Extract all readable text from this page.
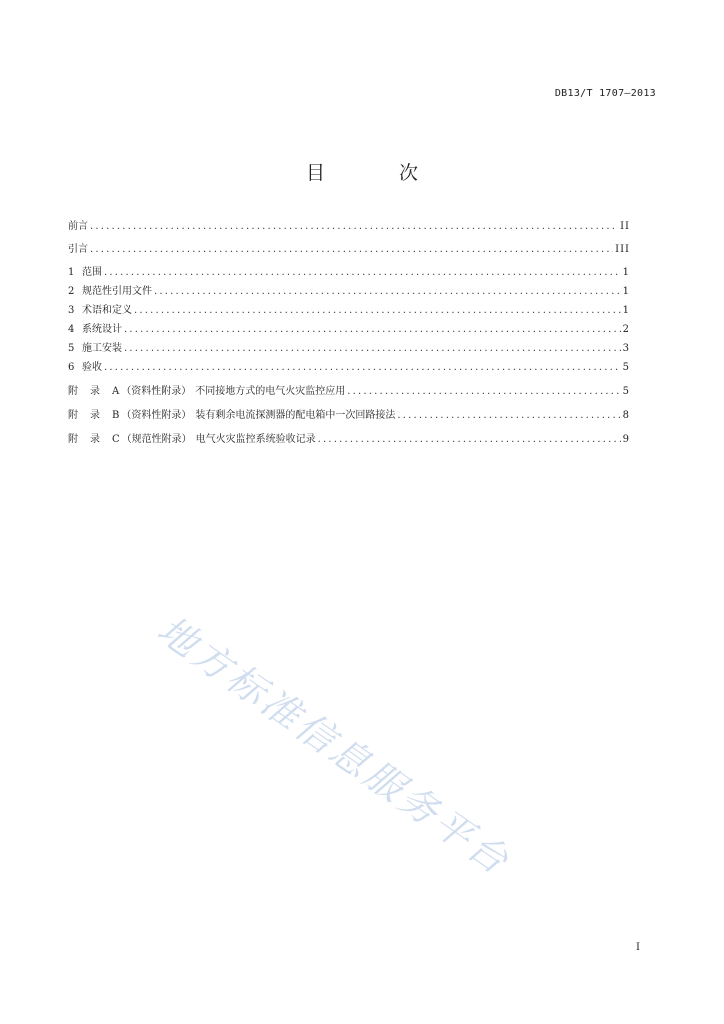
DB13/T 1707—2013
目 次
前言 .....	II
引言 .....	III
1 范围 .....	1
2 规范性引用文件 .....	1
3 术语和定义 .....	1
4 系统设计 .....	2
5 施工安装 .....	3
6 验收 .....	5
附 录 A （资料性附录） 不同接地方式的电气火灾监控应用 .....	5
附 录 B （资料性附录） 装有剩余电流探测器的配电箱中一次回路接法 .....	8
附 录 C （规范性附录） 电气火灾监控系统验收记录 .....	9
地方标准信息服务平台
I
